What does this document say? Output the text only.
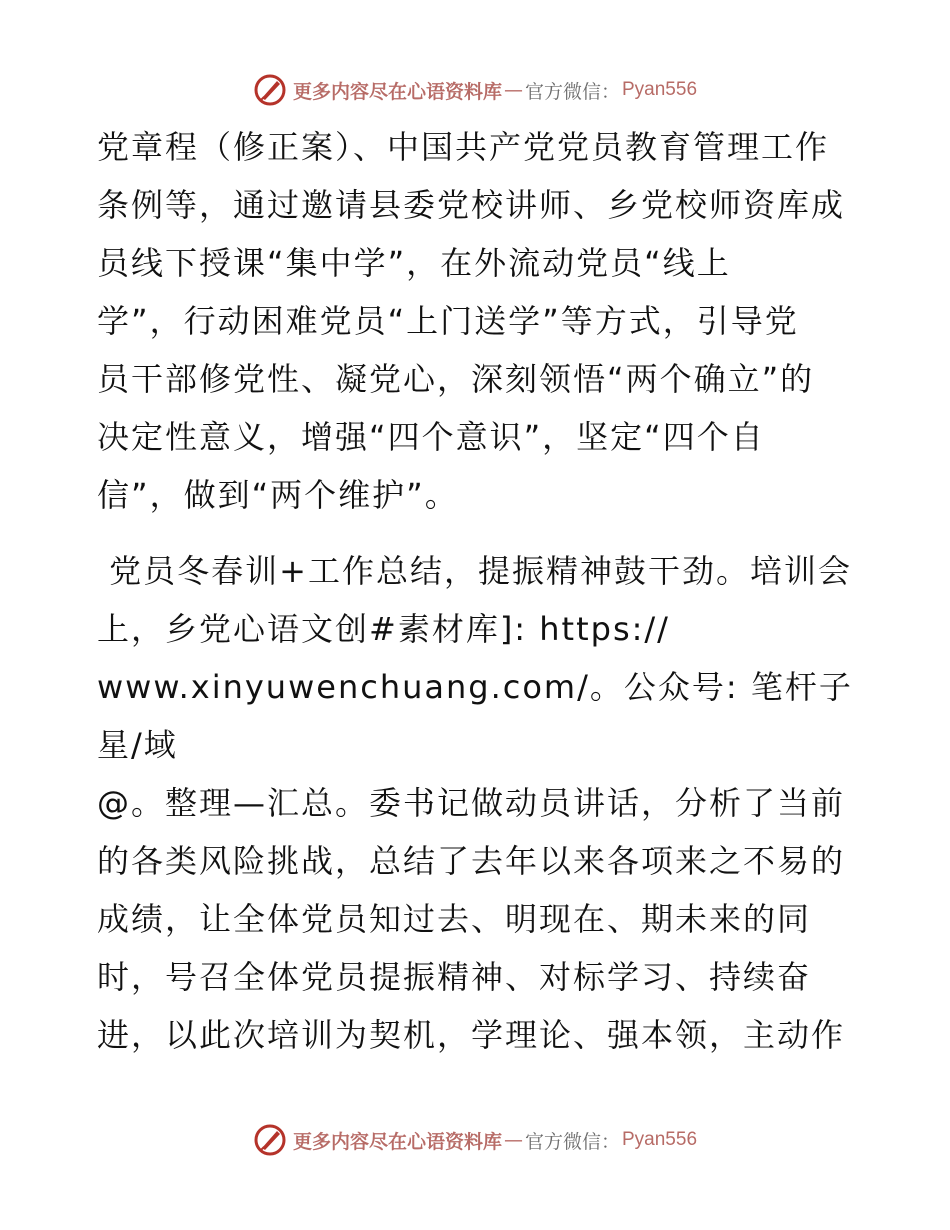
更多内容尽在心语资料库 — 官方微信： Pyan556

党章程（修正案）、中国共产党党员教育管理工作
条例等，通过邀请县委党校讲师、乡党校师资库成
员线下授课“集中学”，在外流动党员“线上
学”，行动困难党员“上门送学”等方式，引导党
员干部修党性、凝党心，深刻领悟“两个确立”的
决定性意义，增强“四个意识”，坚定“四个自
信”，做到“两个维护”。

党员冬春训+工作总结，提振精神鼓干劲。培训会
上，乡党心语文创#素材库]: https://
www.xinyuwenchuang.com/。公众号: 笔杆子星/域
@。整理—汇总。委书记做动员讲话，分析了当前
的各类风险挑战，总结了去年以来各项来之不易的
成绩，让全体党员知过去、明现在、期未来的同
时，号召全体党员提振精神、对标学习、持续奋
进，以此次培训为契机，学理论、强本领，主动作

更多内容尽在心语资料库 — 官方微信： Pyan556
